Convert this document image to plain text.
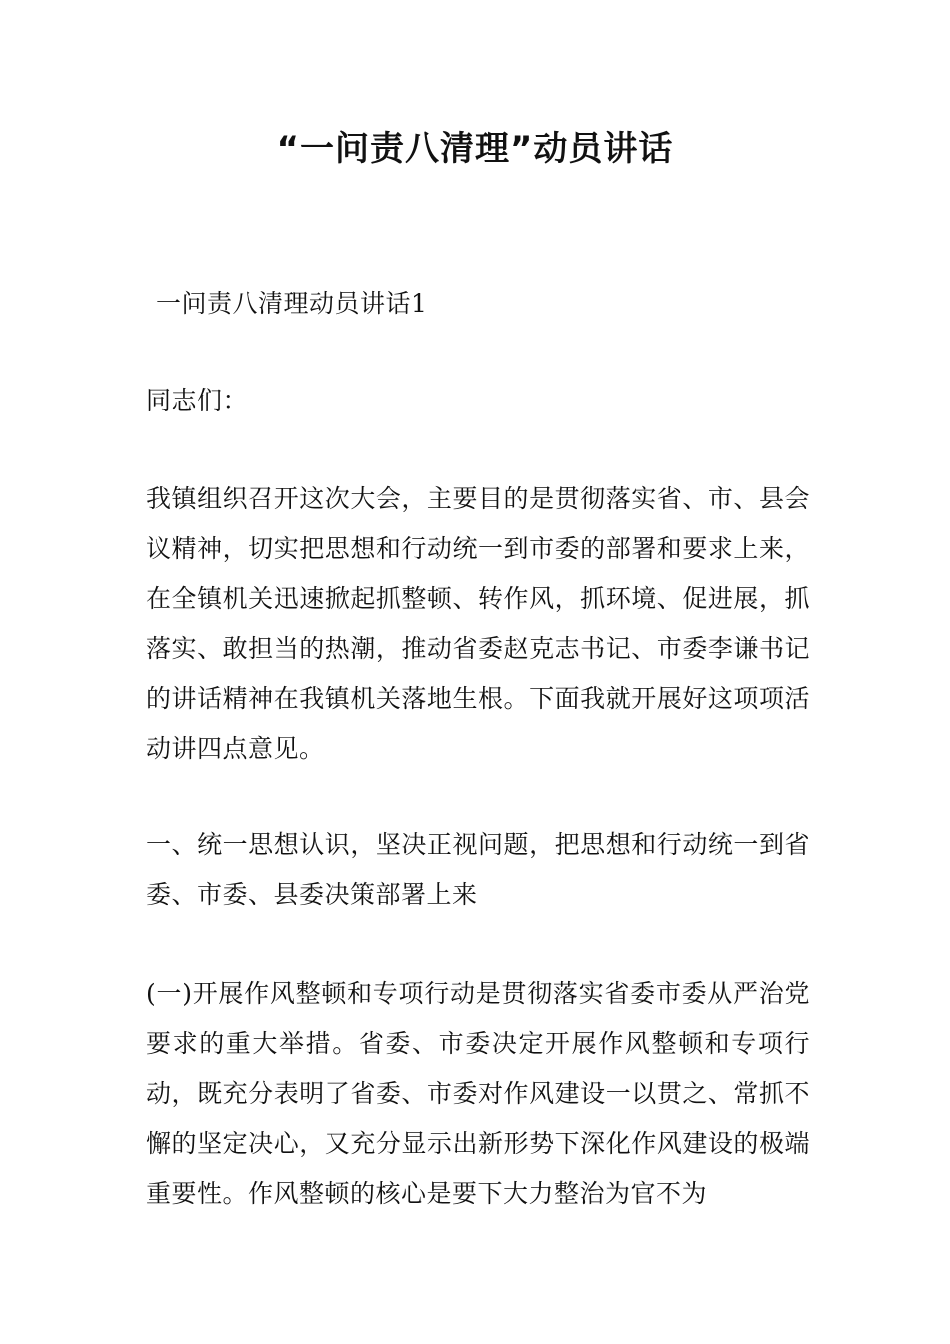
“一问责八清理”动员讲话

一问责八清理动员讲话1

同志们：

我镇组织召开这次大会，主要目的是贯彻落实省、市、县会议精神，切实把思想和行动统一到市委的部署和要求上来，在全镇机关迅速掀起抓整顿、转作风，抓环境、促进展，抓落实、敢担当的热潮，推动省委赵克志书记、市委李谦书记的讲话精神在我镇机关落地生根。下面我就开展好这项项活动讲四点意见。

一、统一思想认识，坚决正视问题，把思想和行动统一到省委、市委、县委决策部署上来

(一)开展作风整顿和专项行动是贯彻落实省委市委从严治党要求的重大举措。省委、市委决定开展作风整顿和专项行动，既充分表明了省委、市委对作风建设一以贯之、常抓不懈的坚定决心，又充分显示出新形势下深化作风建设的极端重要性。作风整顿的核心是要下大力整治为官不为
